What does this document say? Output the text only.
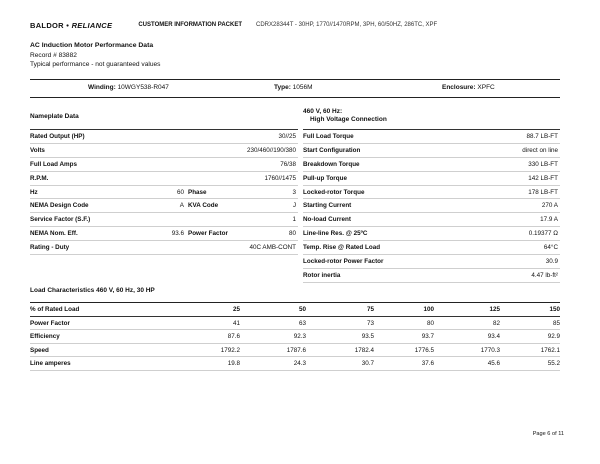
BALDOR • RELIANCE	CUSTOMER INFORMATION PACKET CDRX28344T - 30HP, 1770//1470RPM, 3PH, 60/50HZ, 286TC, XPF
AC Induction Motor Performance Data
Record # 83882
Typical performance - not guaranteed values
Winding: 10WGY538-R047	Type: 1056M	Enclosure: XPFC
Nameplate Data
Rated Output (HP)	30//25
Volts	230/460//190/380
Full Load Amps	76/38
R.P.M.	1760//1475
Hz	60 Phase	3
NEMA Design Code	A KVA Code	J
Service Factor (S.F.)	1
NEMA Nom. Eff.	93.6 Power Factor	80
Rating - Duty	40C AMB-CONT
460 V, 60 Hz:
High Voltage Connection
Full Load Torque	88.7 LB-FT
Start Configuration	direct on line
Breakdown Torque	330 LB-FT
Pull-up Torque	142 LB-FT
Locked-rotor Torque	178 LB-FT
Starting Current	270 A
No-load Current	17.9 A
Line-line Res. @ 25ºC	0.19377 Ω
Temp. Rise @ Rated Load	64°C
Locked-rotor Power Factor	30.9
Rotor inertia	4.47 lb-ft²
Load Characteristics 460 V, 60 Hz, 30 HP
% of Rated Load	25	50	75	100	125	150
Power Factor	41	63	73	80	82	85
Efficiency	87.6	92.3	93.5	93.7	93.4	92.9
Speed	1792.2	1787.6	1782.4	1776.5	1770.3	1762.1
Line amperes	19.8	24.3	30.7	37.6	45.6	55.2
Page 6 of 11
